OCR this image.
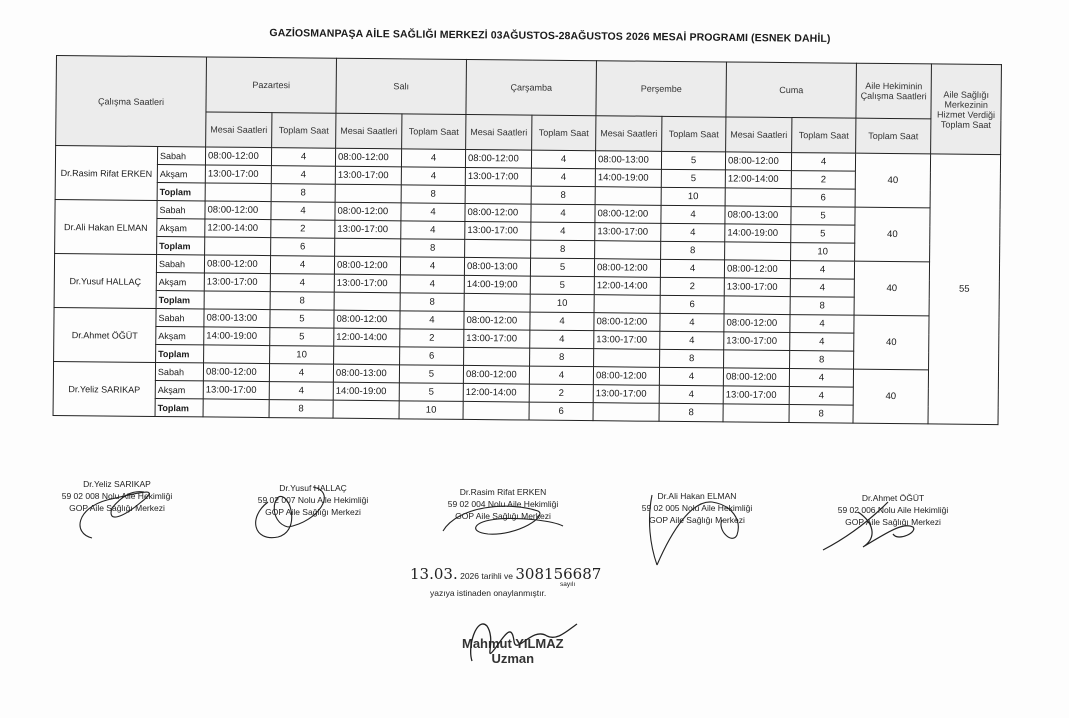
GAZİOSMANPAŞA AİLE SAĞLIĞI MERKEZİ 03AĞUSTOS-28AĞUSTOS 2026 MESAİ PROGRAMI (ESNEK DAHİL)
Çalışma Saatleri		Pazartesi		Salı		Çarşamba		Perşembe		Cuma		Aile Hekiminin Çalışma Saatleri	Aile Sağlığı Merkezinin Hizmet Verdiği Toplam Saat
		Mesai Saatleri	Toplam Saat	Mesai Saatleri	Toplam Saat	Mesai Saatleri	Toplam Saat	Mesai Saatleri	Toplam Saat	Mesai Saatleri	Toplam Saat	Toplam Saat	
Dr.Rasim Rifat ERKEN	Sabah	08:00-12:00	4	08:00-12:00	4	08:00-12:00	4	08:00-13:00	5	08:00-12:00	4	40	55
	Akşam	13:00-17:00	4	13:00-17:00	4	13:00-17:00	4	14:00-19:00	5	12:00-14:00	2		
	Toplam		8		8		8		10		6		
Dr.Ali Hakan ELMAN	Sabah	08:00-12:00	4	08:00-12:00	4	08:00-12:00	4	08:00-12:00	4	08:00-13:00	5	40	
	Akşam	12:00-14:00	2	13:00-17:00	4	13:00-17:00	4	13:00-17:00	4	14:00-19:00	5		
	Toplam		6		8		8		8		10		
Dr.Yusuf HALLAÇ	Sabah	08:00-12:00	4	08:00-12:00	4	08:00-13:00	5	08:00-12:00	4	08:00-12:00	4	40	
	Akşam	13:00-17:00	4	13:00-17:00	4	14:00-19:00	5	12:00-14:00	2	13:00-17:00	4		
	Toplam		8		8		10		6		8		
Dr.Ahmet ÖĞÜT	Sabah	08:00-13:00	5	08:00-12:00	4	08:00-12:00	4	08:00-12:00	4	08:00-12:00	4	40	
	Akşam	14:00-19:00	5	12:00-14:00	2	13:00-17:00	4	13:00-17:00	4	13:00-17:00	4		
	Toplam		10		6		8		8		8		
Dr.Yeliz SARIKAP	Sabah	08:00-12:00	4	08:00-13:00	5	08:00-12:00	4	08:00-12:00	4	08:00-12:00	4	40	
	Akşam	13:00-17:00	4	14:00-19:00	5	12:00-14:00	2	13:00-17:00	4	13:00-17:00	4		
	Toplam		8		10		6		8		8		
Dr.Yeliz SARIKAP
59 02 008 Nolu Aile Hekimliği
GOP Aile Sağlığı Merkezi
Dr.Yusuf HALLAÇ
59 02 007 Nolu Aile Hekimliği
GOP Aile Sağlığı Merkezi
Dr.Rasim Rifat ERKEN
59 02 004 Nolu Aile Hekimliği
GOP Aile Sağlığı Merkezi
Dr.Ali Hakan ELMAN
59 02 005 Nolu Aile Hekimliği
GOP Aile Sağlığı Merkezi
Dr.Ahmet ÖĞÜT
59 02 006 Nolu Aile Hekimliği
GOP Aile Sağlığı Merkezi
13.03. 2026 tarihli ve 308156687
sayılı
yazıya istinaden onaylanmıştır.
Mahmut YILMAZ
Uzman
